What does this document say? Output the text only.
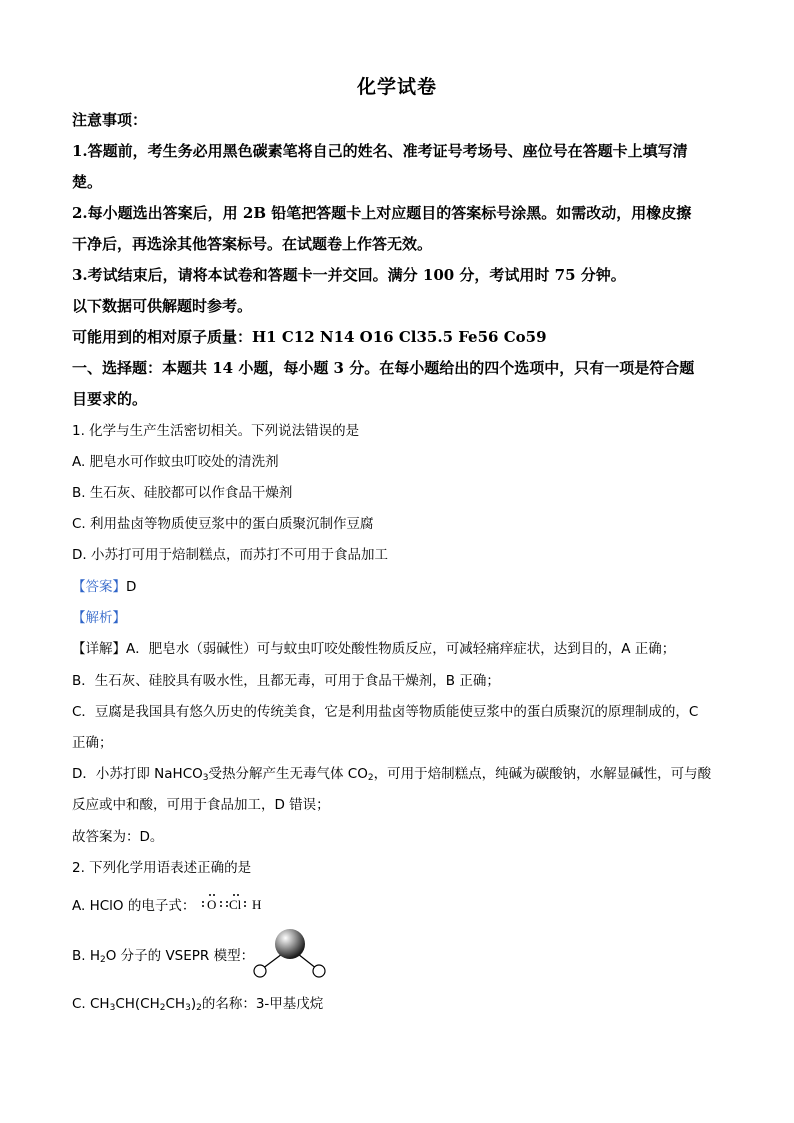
化学试卷
注意事项：
1.答题前，考生务必用黑色碳素笔将自己的姓名、准考证号考场号、座位号在答题卡上填写清
楚。
2.每小题选出答案后，用 2B 铅笔把答题卡上对应题目的答案标号涂黑。如需改动，用橡皮擦
干净后，再选涂其他答案标号。在试题卷上作答无效。
3.考试结束后，请将本试卷和答题卡一并交回。满分 100 分，考试用时 75 分钟。
以下数据可供解题时参考。
可能用到的相对原子质量：H1 C12 N14 O16 Cl35.5 Fe56 Co59
一、选择题：本题共 14 小题，每小题 3 分。在每小题给出的四个选项中，只有一项是符合题
目要求的。
1. 化学与生产生活密切相关。下列说法错误的是
A. 肥皂水可作蚊虫叮咬处的清洗剂
B. 生石灰、硅胶都可以作食品干燥剂
C. 利用盐卤等物质使豆浆中的蛋白质聚沉制作豆腐
D. 小苏打可用于焙制糕点，而苏打不可用于食品加工
【答案】D
【解析】
【详解】A．肥皂水（弱碱性）可与蚊虫叮咬处酸性物质反应，可减轻痛痒症状，达到目的，A 正确；
B．生石灰、硅胶具有吸水性，且都无毒，可用于食品干燥剂，B 正确；
C．豆腐是我国具有悠久历史的传统美食，它是利用盐卤等物质能使豆浆中的蛋白质聚沉的原理制成的，C
正确；
D．小苏打即 NaHCO$_3$受热分解产生无毒气体 $CO_2$，可用于焙制糕点，纯碱为碳酸钠，水解显碱性，可与酸
反应或中和酸，可用于食品加工，D 错误；
故答案为：D。
2. 下列化学用语表述正确的是
A. HClO 的电子式： O Cl H
B. $H_2O$ 分子的 VSEPR 模型：
C. $CH_3CH(CH_2CH_3)_2$的名称：3-甲基戊烷
